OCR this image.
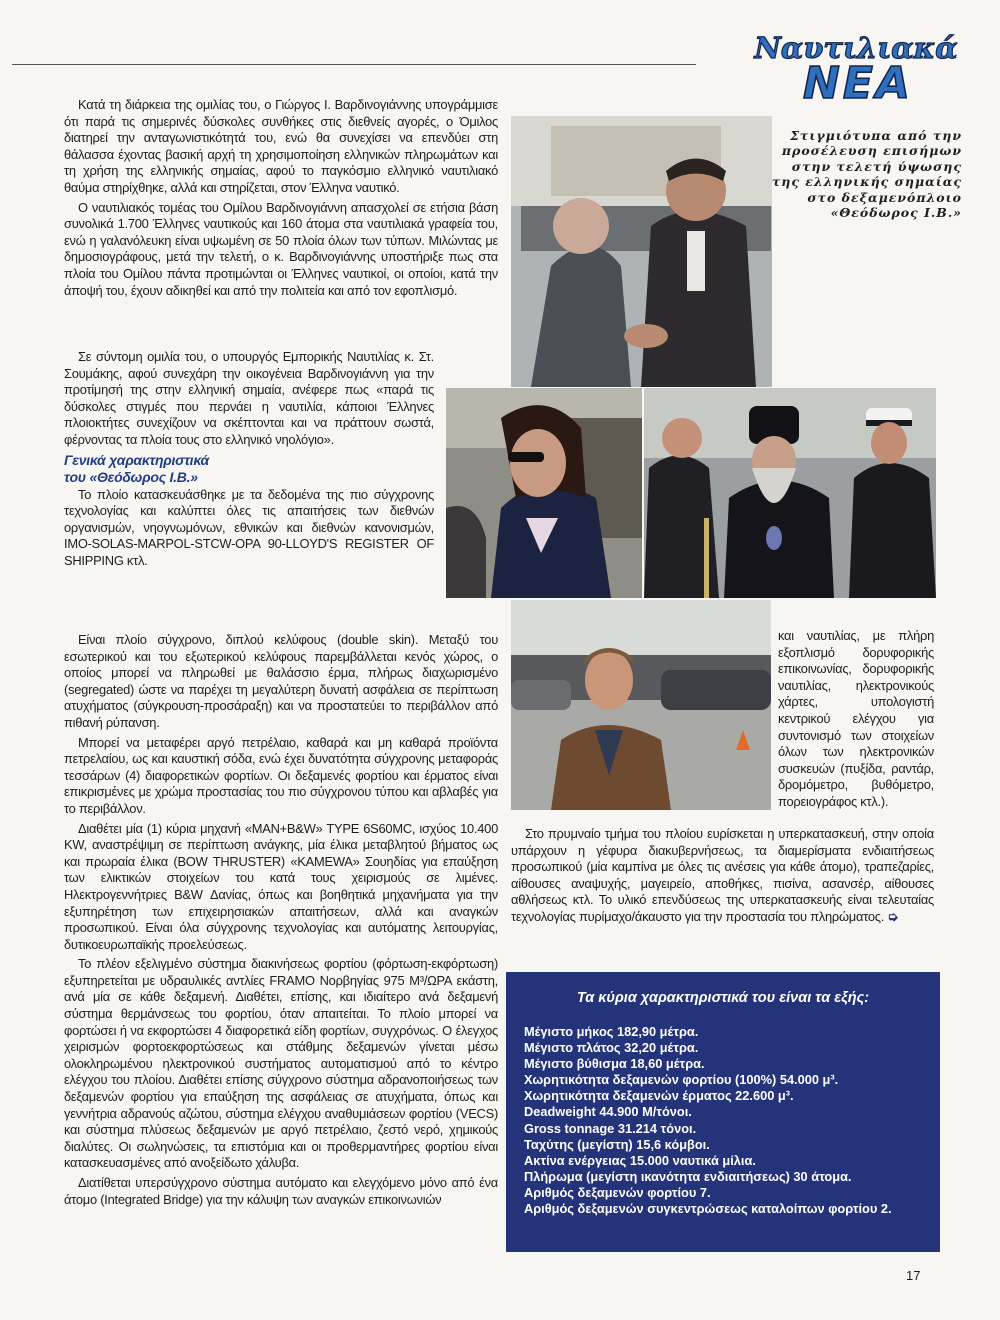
Ναυτιλιακά
ΝΕΑ

Κατά τη διάρκεια της ομιλίας του, ο Γιώργος Ι. Βαρδινογιάννης υπογράμμισε ότι παρά τις σημερινές δύσκολες συνθήκες στις διεθνείς αγορές, ο Όμιλος διατηρεί την ανταγωνιστικότητά του, ενώ θα συνεχίσει να επενδύει στη θάλασσα έχοντας βασική αρχή τη χρησιμοποίηση ελληνικών πληρωμάτων και τη χρήση της ελληνικής σημαίας, αφού το παγκόσμιο ελληνικό ναυτιλιακό θαύμα στηρίχθηκε, αλλά και στηρίζεται, στον Έλληνα ναυτικό.

Ο ναυτιλιακός τομέας του Ομίλου Βαρδινογιάννη απασχολεί σε ετήσια βάση συνολικά 1.700 Έλληνες ναυτικούς και 160 άτομα στα ναυτιλιακά γραφεία του, ενώ η γαλανόλευκη είναι υψωμένη σε 50 πλοία όλων των τύπων. Μιλώντας με δημοσιογράφους, μετά την τελετή, ο κ. Βαρδινογιάννης υποστήριξε πως στα πλοία του Ομίλου πάντα προτιμώνται οι Έλληνες ναυτικοί, οι οποίοι, κατά την άποψή του, έχουν αδικηθεί και από την πολιτεία και από τον εφοπλισμό.

Σε σύντομη ομιλία του, ο υπουργός Εμπορικής Ναυτιλίας κ. Στ. Σουμάκης, αφού συνεχάρη την οικογένεια Βαρδινογιάννη για την προτίμησή της στην ελληνική σημαία, ανέφερε πως «παρά τις δύσκολες στιγμές που περνάει η ναυτιλία, κάποιοι Έλληνες πλοιοκτήτες συνεχίζουν να σκέπτονται και να πράττουν σωστά, φέρνοντας τα πλοία τους στο ελληνικό νηολόγιο».

Γενικά χαρακτηριστικά
του «Θεόδωρος Ι.Β.»

Το πλοίο κατασκευάσθηκε με τα δεδομένα της πιο σύγχρονης τεχνολογίας και καλύπτει όλες τις απαιτήσεις των διεθνών οργανισμών, νηογνωμόνων, εθνικών και διεθνών κανονισμών, IMO-SOLAS-MARPOL-STCW-OPA 90-LLOYD'S REGISTER OF SHIPPING κτλ.

Είναι πλοίο σύγχρονο, διπλού κελύφους (double skin). Μεταξύ του εσωτερικού και του εξωτερικού κελύφους παρεμβάλλεται κενός χώρος, ο οποίος μπορεί να πληρωθεί με θαλάσσιο έρμα, πλήρως διαχωρισμένο (segregated) ώστε να παρέχει τη μεγαλύτερη δυνατή ασφάλεια σε περίπτωση ατυχήματος (σύγκρουση-προσάραξη) και να προστατεύει το περιβάλλον από πιθανή ρύπανση.

Μπορεί να μεταφέρει αργό πετρέλαιο, καθαρά και μη καθαρά προϊόντα πετρελαίου, ως και καυστική σόδα, ενώ έχει δυνατότητα σύγχρονης μεταφοράς τεσσάρων (4) διαφορετικών φορτίων. Οι δεξαμενές φορτίου και έρματος είναι επικρισμένες με χρώμα προστασίας του πιο σύγχρονου τύπου και αβλαβές για το περιβάλλον.

Διαθέτει μία (1) κύρια μηχανή «MAN+B&W» TYPE 6S60MC, ισχύος 10.400 KW, αναστρέψιμη σε περίπτωση ανάγκης, μία έλικα μεταβλητού βήματος ως και πρωραία έλικα (BOW THRUSTER) «KAMEWA» Σουηδίας για επαύξηση των ελικτικών στοιχείων του κατά τους χειρισμούς σε λιμένες. Ηλεκτρογεννήτριες B&W Δανίας, όπως και βοηθητικά μηχανήματα για την εξυπηρέτηση των επιχειρησιακών απαιτήσεων, αλλά και αναγκών προσωπικού. Είναι όλα σύγχρονης τεχνολογίας και αυτόματης λειτουργίας, δυτικοευρωπαϊκής προελεύσεως.

Το πλέον εξελιγμένο σύστημα διακινήσεως φορτίου (φόρτωση-εκφόρτωση) εξυπηρετείται με υδραυλικές αντλίες FRAMO Νορβηγίας 975 M³/ΩΡΑ εκάστη, ανά μία σε κάθε δεξαμενή. Διαθέτει, επίσης, και ιδιαίτερο ανά δεξαμενή σύστημα θερμάνσεως του φορτίου, όταν απαιτείται. Το πλοίο μπορεί να φορτώσει ή να εκφορτώσει 4 διαφορετικά είδη φορτίων, συγχρόνως. Ο έλεγχος χειρισμών φορτοεκφορτώσεως και στάθμης δεξαμενών γίνεται μέσω ολοκληρωμένου ηλεκτρονικού συστήματος αυτοματισμού από το κέντρο ελέγχου του πλοίου. Διαθέτει επίσης σύγχρονο σύστημα αδρανοποιήσεως των δεξαμενών φορτίου για επαύξηση της ασφάλειας σε ατυχήματα, όπως και γεννήτρια αδρανούς αζώτου, σύστημα ελέγχου αναθυμιάσεων φορτίου (VECS) και σύστημα πλύσεως δεξαμενών με αργό πετρέλαιο, ζεστό νερό, χημικούς διαλύτες. Οι σωληνώσεις, τα επιστόμια και οι προθερμαντήρες φορτίου είναι κατασκευασμένες από ανοξείδωτο χάλυβα.

Διατίθεται υπερσύγχρονο σύστημα αυτόματο και ελεγχόμενο μόνο από ένα άτομο (Integrated Bridge) για την κάλυψη των αναγκών επικοινωνιών

Στιγμιότυπα από την προσέλευση επισήμων στην τελετή ύψωσης της ελληνικής σημαίας στο δεξαμενόπλοιο «Θεόδωρος Ι.Β.»

και ναυτιλίας, με πλήρη εξοπλισμό δορυφορικής επικοινωνίας, δορυφορικής ναυτιλίας, ηλεκτρονικούς χάρτες, υπολογιστή κεντρικού ελέγχου για συντονισμό των στοιχείων όλων των ηλεκτρονικών συσκευών (πυξίδα, ραντάρ, δρομόμετρο, βυθόμετρο, πορειογράφος κτλ.).

Στο πρυμναίο τμήμα του πλοίου ευρίσκεται η υπερκατασκευή, στην οποία υπάρχουν η γέφυρα διακυβερνήσεως, τα διαμερίσματα ενδιαιτήσεως προσωπικού (μία καμπίνα με όλες τις ανέσεις για κάθε άτομο), τραπεζαρίες, αίθουσες αναψυχής, μαγειρείο, αποθήκες, πισίνα, ασανσέρ, αίθουσες αθλήσεως κτλ. Το υλικό επενδύσεως της υπερκατασκευής είναι τελευταίας τεχνολογίας πυρίμαχο/άκαυστο για την προστασία του πληρώματος. ➭

Τα κύρια χαρακτηριστικά του είναι τα εξής:
Μέγιστο μήκος 182,90 μέτρα.
Μέγιστο πλάτος 32,20 μέτρα.
Μέγιστο βύθισμα 18,60 μέτρα.
Χωρητικότητα δεξαμενών φορτίου (100%) 54.000 μ³.
Χωρητικότητα δεξαμενών έρματος 22.600 μ³.
Deadweight 44.900 Μ/τόνοι.
Gross tonnage 31.214 τόνοι.
Ταχύτης (μεγίστη) 15,6 κόμβοι.
Ακτίνα ενέργειας 15.000 ναυτικά μίλια.
Πλήρωμα (μεγίστη ικανότητα ενδιαιτήσεως) 30 άτομα.
Αριθμός δεξαμενών φορτίου 7.
Αριθμός δεξαμενών συγκεντρώσεως καταλοίπων φορτίου 2.
17
